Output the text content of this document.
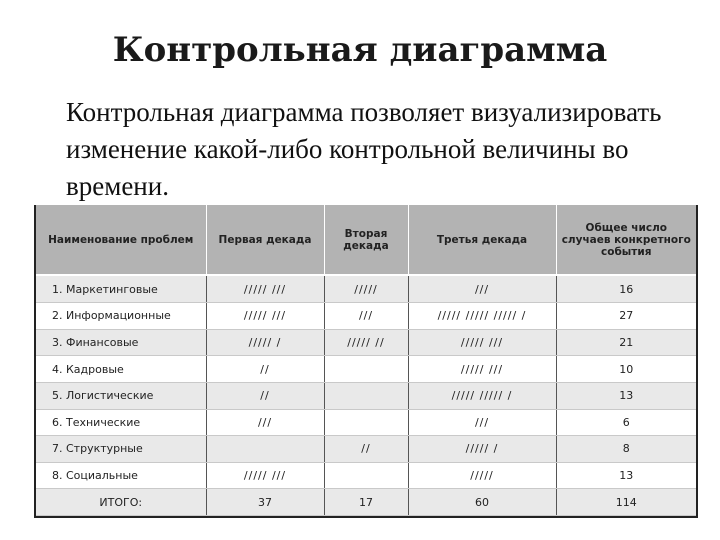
Контрольная диаграмма

Контрольная диаграмма позволяет визуализировать изменение какой-либо контрольной величины во времени.

Наименование проблем	Первая декада	Вторая декада	Третья декада	Общее число случаев конкретного события
1. Маркетинговые	///// ///	/////	///	16
2. Информационные	///// ///	///	///// ///// ///// /	27
3. Финансовые	///// /	///// //	///// ///	21
4. Кадровые	//		///// ///	10
5. Логистические	//		///// ///// /	13
6. Технические	///		///	6
7. Структурные		//	///// /	8
8. Социальные	///// ///		/////	13
ИТОГО:	37	17	60	114
